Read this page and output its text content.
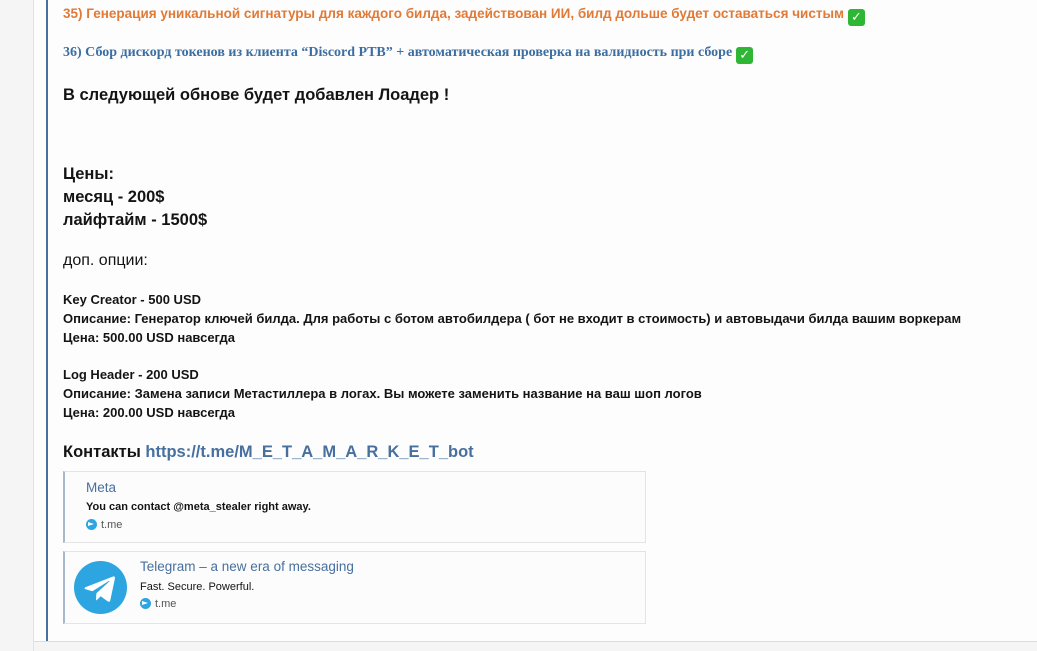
35) Генерация уникальной сигнатуры для каждого билда, задействован ИИ, билд дольше будет оставаться чистым ✓
36) Сбор дискорд токенов из клиента “Discord PTB” + автоматическая проверка на валидность при сборе ✓
В следующей обнове будет добавлен Лоадер !
Цены:
месяц - 200$
лайфтайм - 1500$
доп. опции:
Key Creator - 500 USD
Описание: Генератор ключей билда. Для работы с ботом автобилдера ( бот не входит в стоимость) и автовыдачи билда вашим воркерам
Цена: 500.00 USD навсегда
Log Header - 200 USD
Описание: Замена записи Метастиллера в логах. Вы можете заменить название на ваш шоп логов
Цена: 200.00 USD навсегда
Контакты https://t.me/M_E_T_A_M_A_R_K_E_T_bot
Meta
You can contact @meta_stealer right away.
t.me
Telegram – a new era of messaging
Fast. Secure. Powerful.
t.me
